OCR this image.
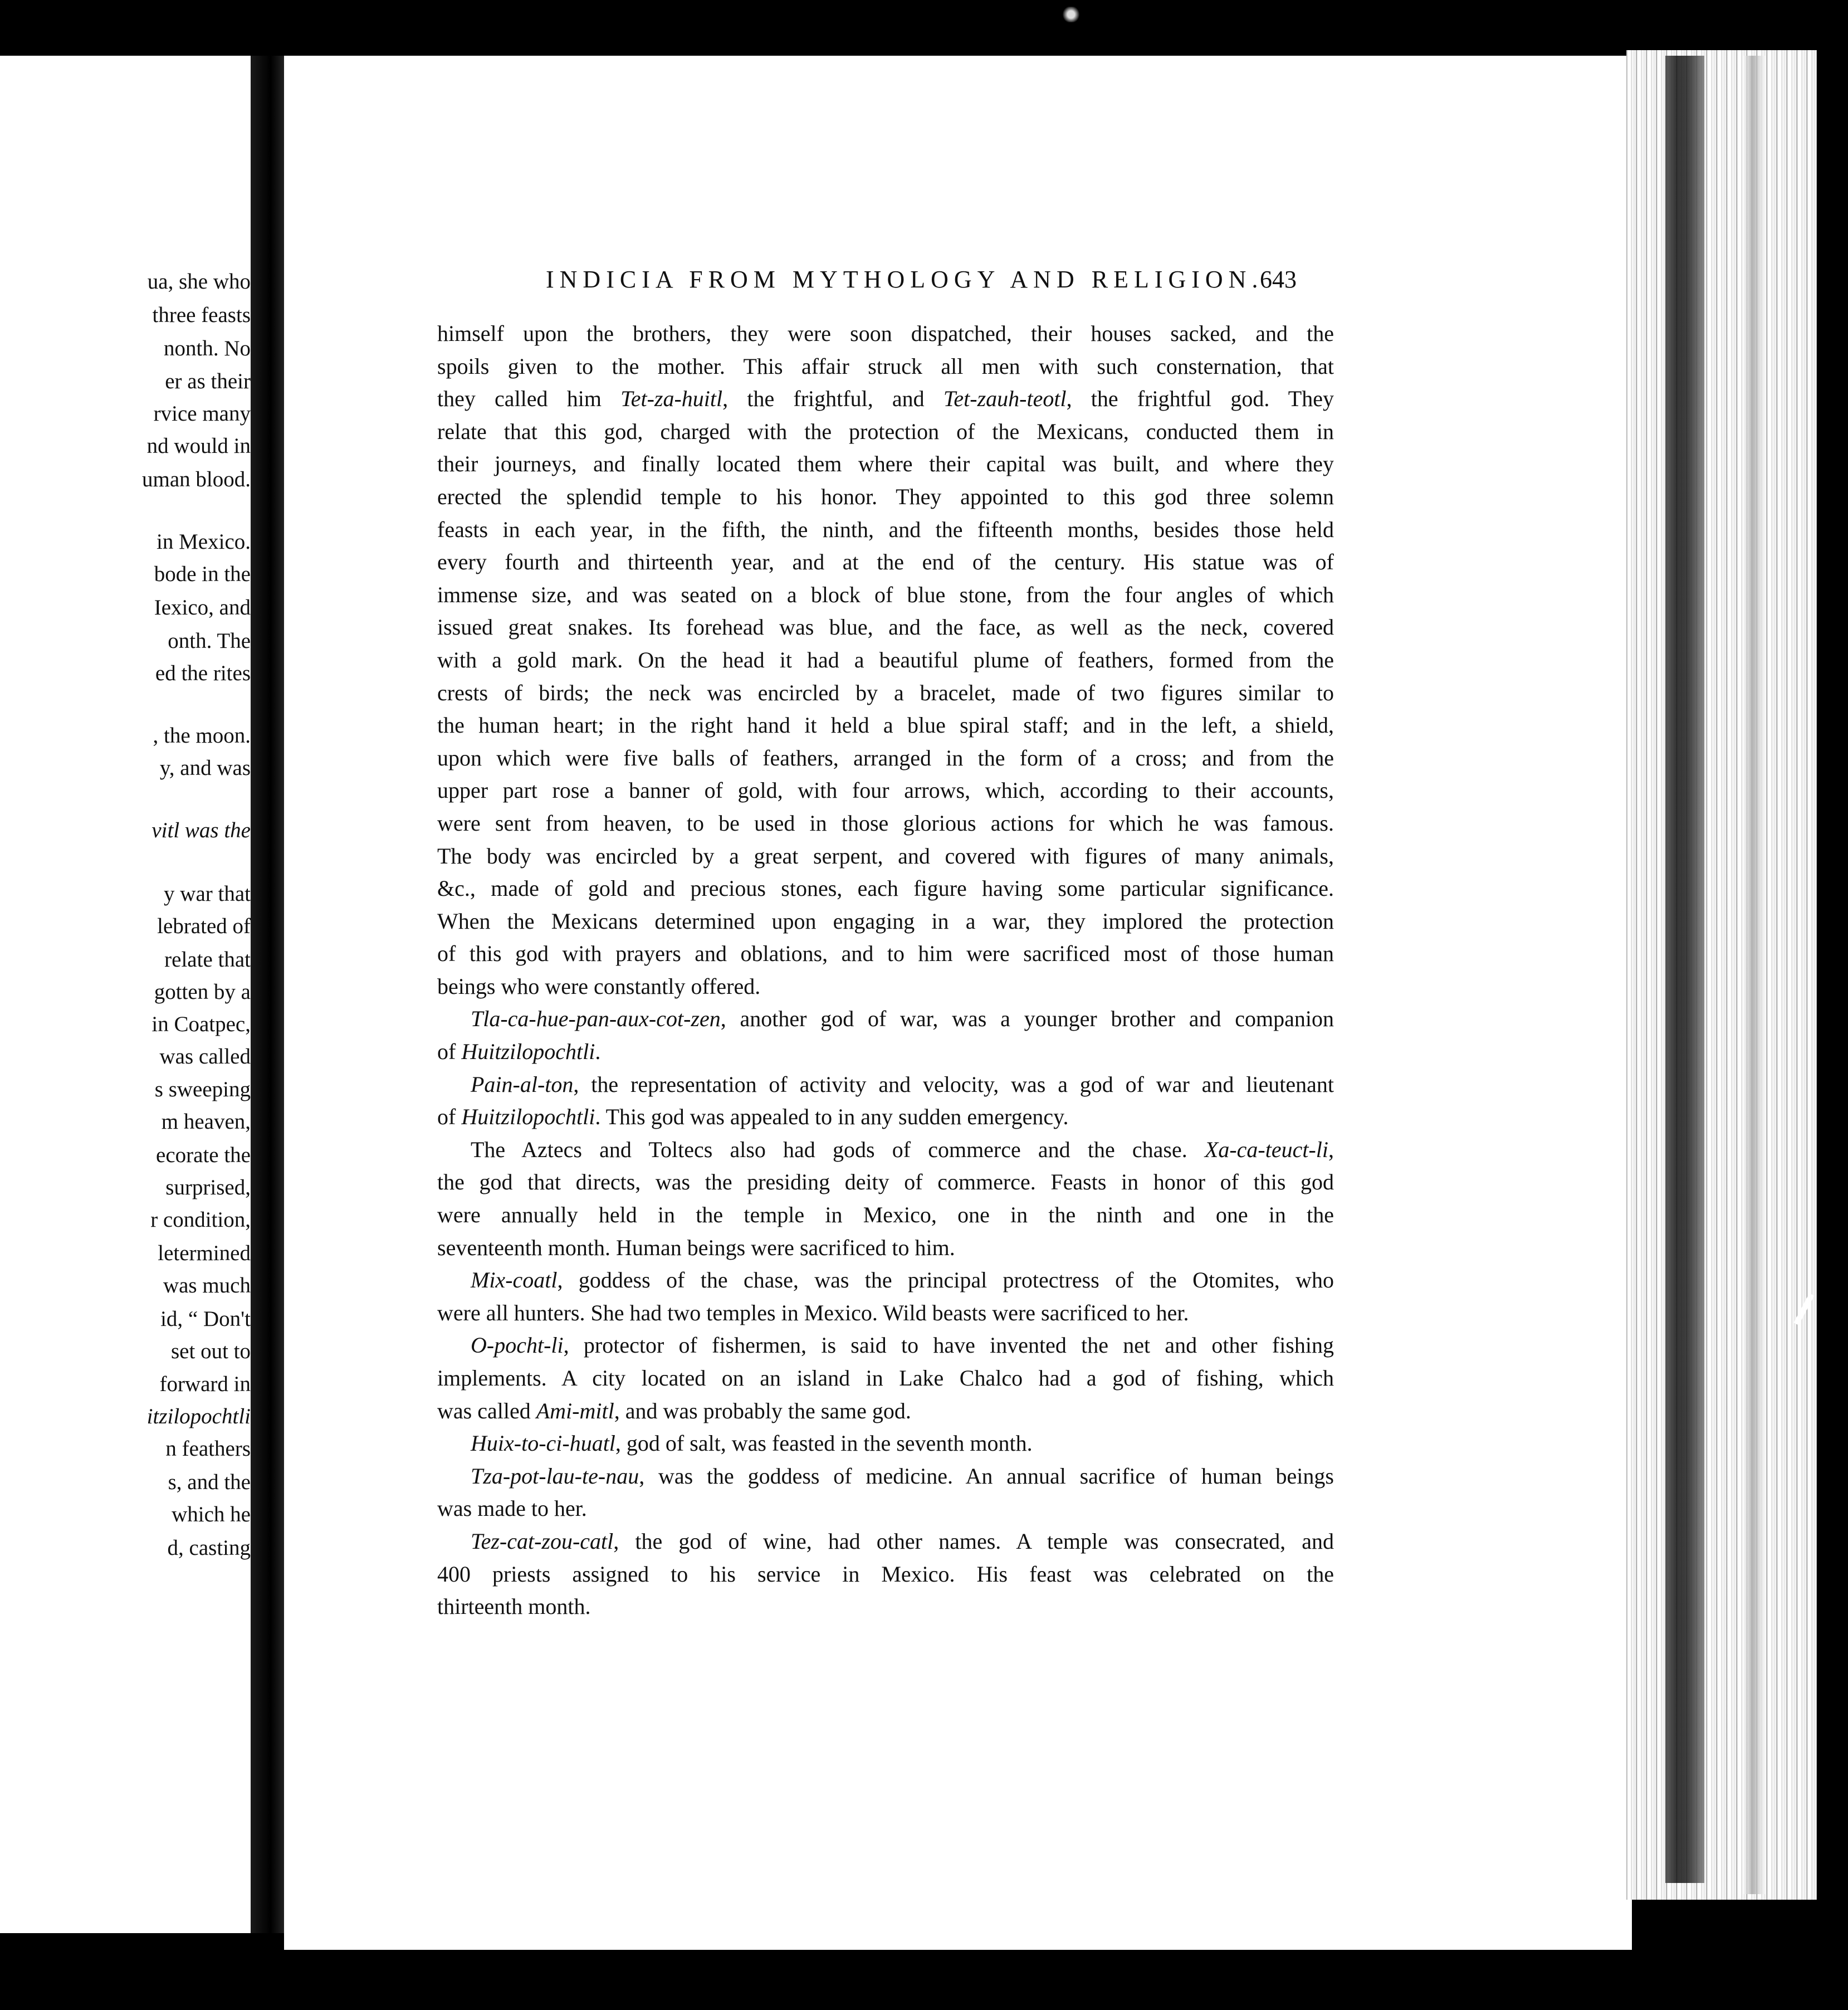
ua, she who
three feasts
nonth. No
er as their
rvice many
nd would in
uman blood.
in Mexico.
bode in the
Iexico, and
onth. The
ed the rites
, the moon.
y, and was
vitl was the
y war that
lebrated of
relate that
gotten by a
in Coatpec,
was called
s sweeping
m heaven,
ecorate the
surprised,
r condition,
letermined
was much
id, “ Don't
set out to
forward in
itzilopochtli
n feathers
s, and the
which he
d, casting
INDICIA FROM MYTHOLOGY AND RELIGION.
643
himself upon the brothers, they were soon dispatched, their houses sacked, and the
spoils given to the mother. This affair struck all men with such consternation, that
they called him Tet-za-huitl, the frightful, and Tet-zauh-teotl, the frightful god. They
relate that this god, charged with the protection of the Mexicans, conducted them in
their journeys, and finally located them where their capital was built, and where they
erected the splendid temple to his honor. They appointed to this god three solemn
feasts in each year, in the fifth, the ninth, and the fifteenth months, besides those held
every fourth and thirteenth year, and at the end of the century. His statue was of
immense size, and was seated on a block of blue stone, from the four angles of which
issued great snakes. Its forehead was blue, and the face, as well as the neck, covered
with a gold mark. On the head it had a beautiful plume of feathers, formed from the
crests of birds; the neck was encircled by a bracelet, made of two figures similar to
the human heart; in the right hand it held a blue spiral staff; and in the left, a shield,
upon which were five balls of feathers, arranged in the form of a cross; and from the
upper part rose a banner of gold, with four arrows, which, according to their accounts,
were sent from heaven, to be used in those glorious actions for which he was famous.
The body was encircled by a great serpent, and covered with figures of many animals,
&c., made of gold and precious stones, each figure having some particular significance.
When the Mexicans determined upon engaging in a war, they implored the protection
of this god with prayers and oblations, and to him were sacrificed most of those human
beings who were constantly offered.
Tla-ca-hue-pan-aux-cot-zen, another god of war, was a younger brother and companion
of Huitzilopochtli.
Pain-al-ton, the representation of activity and velocity, was a god of war and lieutenant
of Huitzilopochtli. This god was appealed to in any sudden emergency.
The Aztecs and Toltecs also had gods of commerce and the chase. Xa-ca-teuct-li,
the god that directs, was the presiding deity of commerce. Feasts in honor of this god
were annually held in the temple in Mexico, one in the ninth and one in the
seventeenth month. Human beings were sacrificed to him.
Mix-coatl, goddess of the chase, was the principal protectress of the Otomites, who
were all hunters. She had two temples in Mexico. Wild beasts were sacrificed to her.
O-pocht-li, protector of fishermen, is said to have invented the net and other fishing
implements. A city located on an island in Lake Chalco had a god of fishing, which
was called Ami-mitl, and was probably the same god.
Huix-to-ci-huatl, god of salt, was feasted in the seventh month.
Tza-pot-lau-te-nau, was the goddess of medicine. An annual sacrifice of human beings
was made to her.
Tez-cat-zou-catl, the god of wine, had other names. A temple was consecrated, and
400 priests assigned to his service in Mexico. His feast was celebrated on the
thirteenth month.
